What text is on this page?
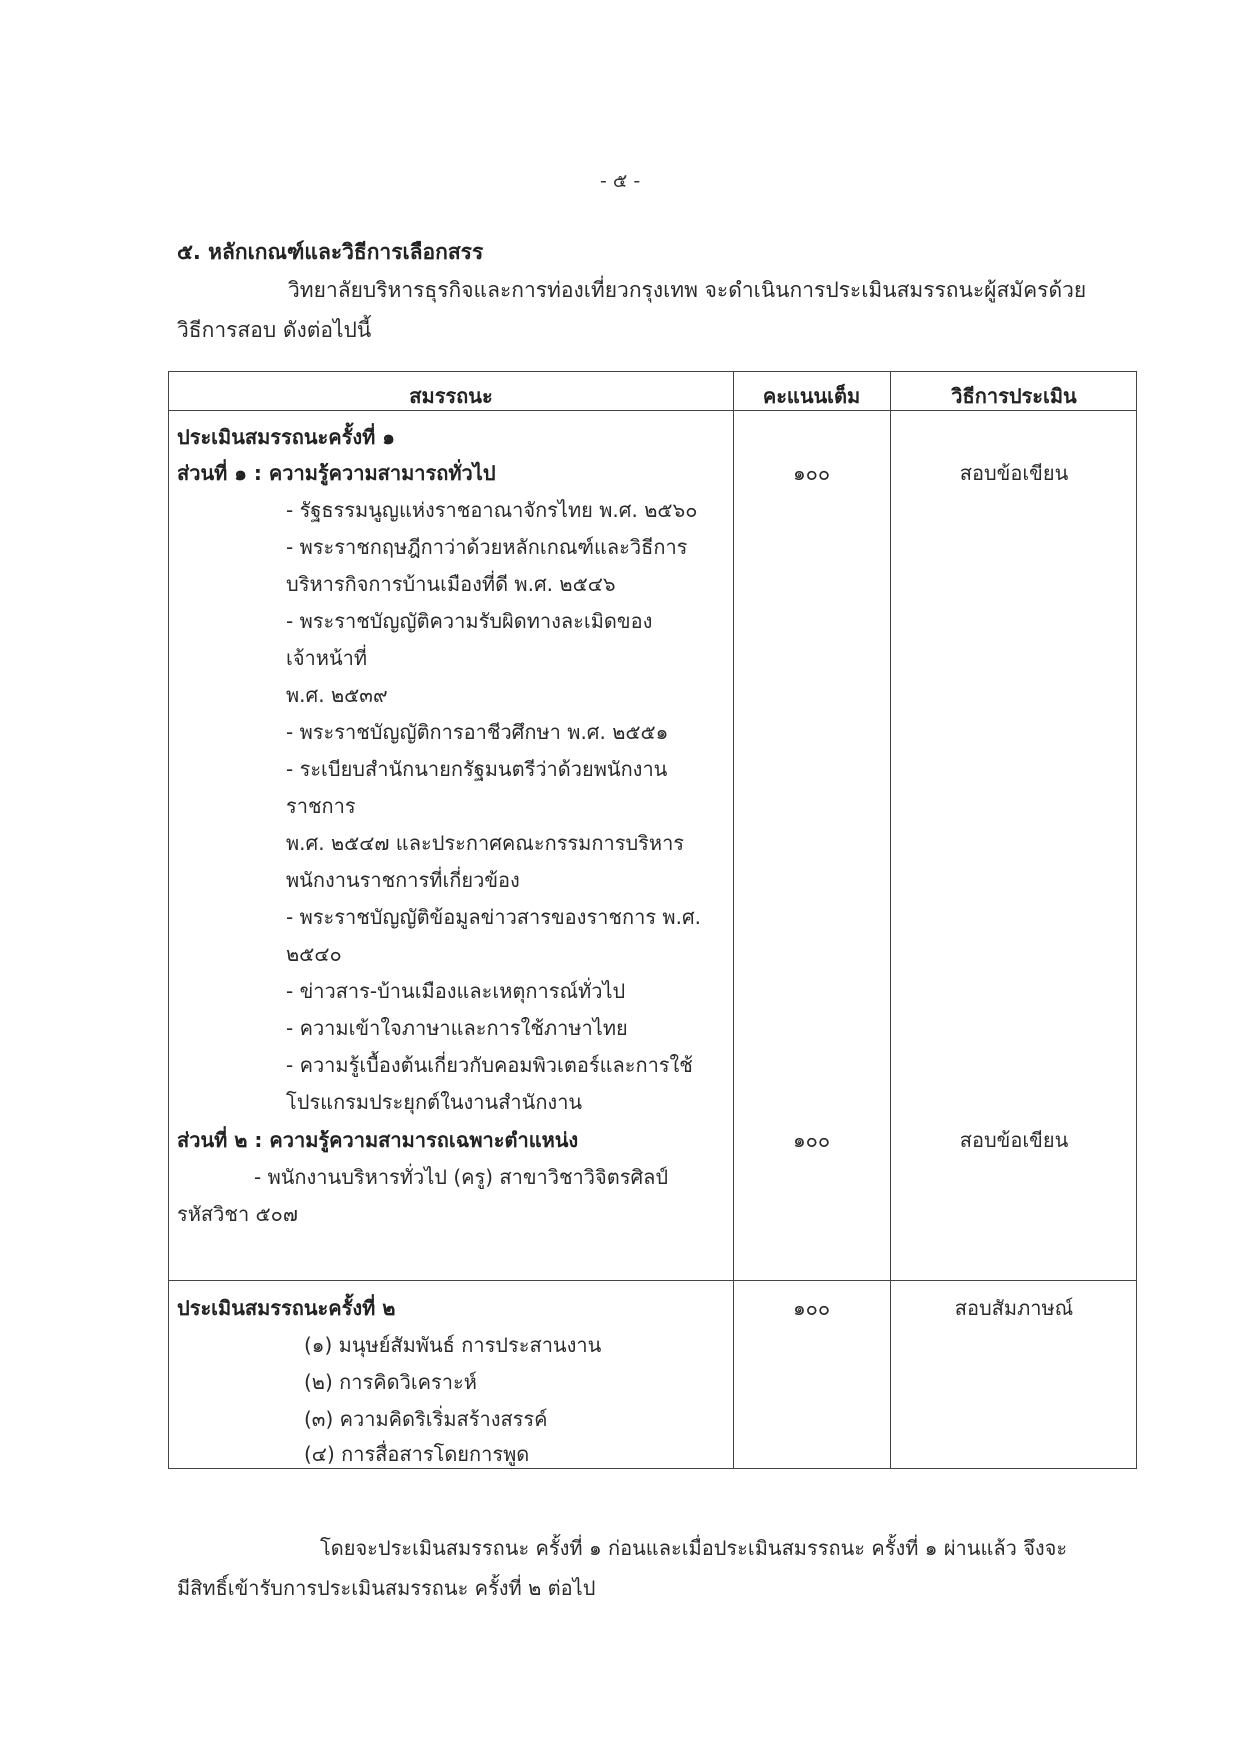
- ๕ -
๕. หลักเกณฑ์และวิธีการเลือกสรร
วิทยาลัยบริหารธุรกิจและการท่องเที่ยวกรุงเทพ จะดำเนินการประเมินสมรรถนะผู้สมัครด้วย
วิธีการสอบ ดังต่อไปนี้
สมรรถนะ	คะแนนเต็ม	วิธีการประเมิน
ประเมินสมรรถนะครั้งที่ ๑
ส่วนที่ ๑ : ความรู้ความสามารถทั่วไป	๑๐๐	สอบข้อเขียน
- รัฐธรรมนูญแห่งราชอาณาจักรไทย พ.ศ. ๒๕๖๐
- พระราชกฤษฎีกาว่าด้วยหลักเกณฑ์และวิธีการ
บริหารกิจการบ้านเมืองที่ดี พ.ศ. ๒๕๔๖
- พระราชบัญญัติความรับผิดทางละเมิดของ
เจ้าหน้าที่
พ.ศ. ๒๕๓๙
- พระราชบัญญัติการอาชีวศึกษา พ.ศ. ๒๕๕๑
- ระเบียบสำนักนายกรัฐมนตรีว่าด้วยพนักงาน
ราชการ
พ.ศ. ๒๕๔๗ และประกาศคณะกรรมการบริหาร
พนักงานราชการที่เกี่ยวข้อง
- พระราชบัญญัติข้อมูลข่าวสารของราชการ พ.ศ.
๒๕๔๐
- ข่าวสาร-บ้านเมืองและเหตุการณ์ทั่วไป
- ความเข้าใจภาษาและการใช้ภาษาไทย
- ความรู้เบื้องต้นเกี่ยวกับคอมพิวเตอร์และการใช้
โปรแกรมประยุกต์ในงานสำนักงาน
ส่วนที่ ๒ : ความรู้ความสามารถเฉพาะตำแหน่ง	๑๐๐	สอบข้อเขียน
- พนักงานบริหารทั่วไป (ครู) สาขาวิชาวิจิตรศิลป์
รหัสวิชา ๕๐๗
ประเมินสมรรถนะครั้งที่ ๒	๑๐๐	สอบสัมภาษณ์
(๑) มนุษย์สัมพันธ์ การประสานงาน
(๒) การคิดวิเคราะห์
(๓) ความคิดริเริ่มสร้างสรรค์
(๔) การสื่อสารโดยการพูด
โดยจะประเมินสมรรถนะ ครั้งที่ ๑ ก่อนและเมื่อประเมินสมรรถนะ ครั้งที่ ๑ ผ่านแล้ว จึงจะ
มีสิทธิ์เข้ารับการประเมินสมรรถนะ ครั้งที่ ๒ ต่อไป
